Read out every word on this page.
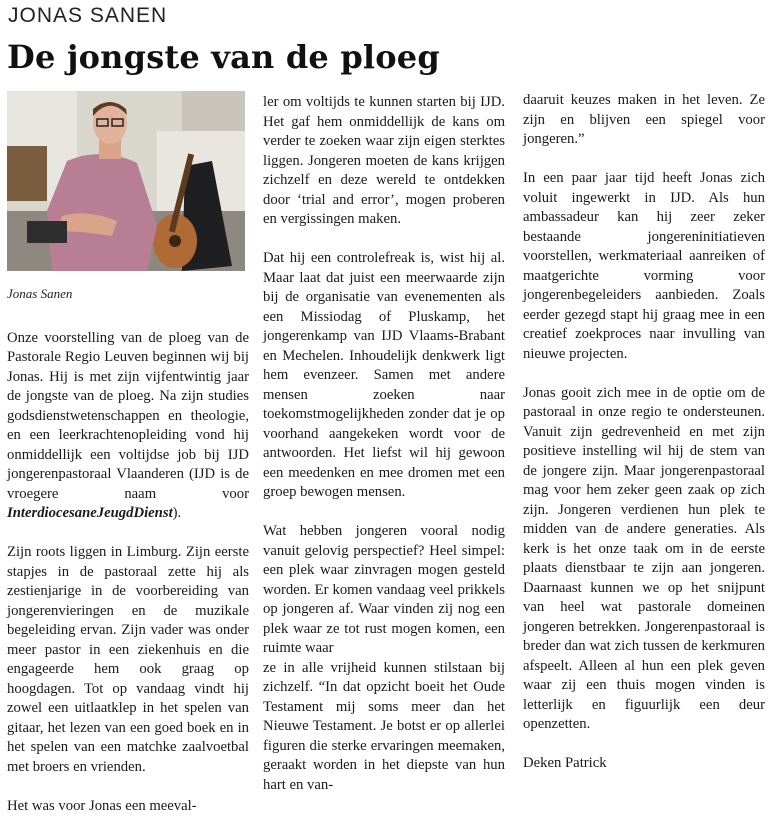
JONAS SANEN
De jongste van de ploeg
Jonas Sanen

Onze voorstelling van de ploeg van de Pastorale Regio Leuven beginnen wij bij Jonas. Hij is met zijn vijfentwintig jaar de jongste van de ploeg. Na zijn studies godsdienstwetenschappen en theologie, en een leerkrachtenopleiding vond hij onmiddellijk een voltijdse job bij IJD jongerenpastoraal Vlaanderen (IJD is de vroegere naam voor InterdiocesaneJeugdDienst).

Zijn roots liggen in Limburg. Zijn eerste stapjes in de pastoraal zette hij als zestienjarige in de voorbereiding van jongerenvieringen en de muzikale begeleiding ervan. Zijn vader was onder meer pastor in een ziekenhuis en die engageerde hem ook graag op hoogdagen. Tot op vandaag vindt hij zowel een uitlaatklep in het spelen van gitaar, het lezen van een goed boek en in het spelen van een matchke zaalvoetbal met broers en vrienden.

Het was voor Jonas een meeval-

ler om voltijds te kunnen starten bij IJD. Het gaf hem onmiddellijk de kans om verder te zoeken waar zijn eigen sterktes liggen. Jongeren moeten de kans krijgen zichzelf en deze wereld te ontdekken door ‘trial and error’, mogen proberen en vergissingen maken.

Dat hij een controlefreak is, wist hij al. Maar laat dat juist een meerwaarde zijn bij de organisatie van evenementen als een Missiodag of Pluskamp, het jongerenkamp van IJD Vlaams-Brabant en Mechelen. Inhoudelijk denkwerk ligt hem evenzeer. Samen met andere mensen zoeken naar toekomstmogelijkheden zonder dat je op voorhand aangekeken wordt voor de antwoorden. Het liefst wil hij gewoon een meedenken en mee dromen met een groep bewogen mensen.

Wat hebben jongeren vooral nodig vanuit gelovig perspectief? Heel simpel: een plek waar zinvragen mogen gesteld worden. Er komen vandaag veel prikkels op jongeren af. Waar vinden zij nog een plek waar ze tot rust mogen komen, een ruimte waar

ze in alle vrijheid kunnen stilstaan bij zichzelf. “In dat opzicht boeit het Oude Testament mij soms meer dan het Nieuwe Testament. Je botst er op allerlei figuren die sterke ervaringen meemaken, geraakt worden in het diepste van hun hart en van-

daaruit keuzes maken in het leven. Ze zijn en blijven een spiegel voor jongeren.”

In een paar jaar tijd heeft Jonas zich voluit ingewerkt in IJD. Als hun ambassadeur kan hij zeer zeker bestaande jongereninitiatieven voorstellen, werkmateriaal aanreiken of maatgerichte vorming voor jongerenbegeleiders aanbieden. Zoals eerder gezegd stapt hij graag mee in een creatief zoekproces naar invulling van nieuwe projecten.

Jonas gooit zich mee in de optie om de pastoraal in onze regio te ondersteunen. Vanuit zijn gedrevenheid en met zijn positieve instelling wil hij de stem van de jongere zijn. Maar jongerenpastoraal mag voor hem zeker geen zaak op zich zijn. Jongeren verdienen hun plek te midden van de andere generaties. Als kerk is het onze taak om in de eerste plaats dienstbaar te zijn aan jongeren. Daarnaast kunnen we op het snijpunt van heel wat pastorale domeinen jongeren betrekken. Jongerenpastoraal is breder dan wat zich tussen de kerkmuren afspeelt. Alleen al hun een plek geven waar zij een thuis mogen vinden is letterlijk en figuurlijk een deur openzetten.

Deken Patrick
